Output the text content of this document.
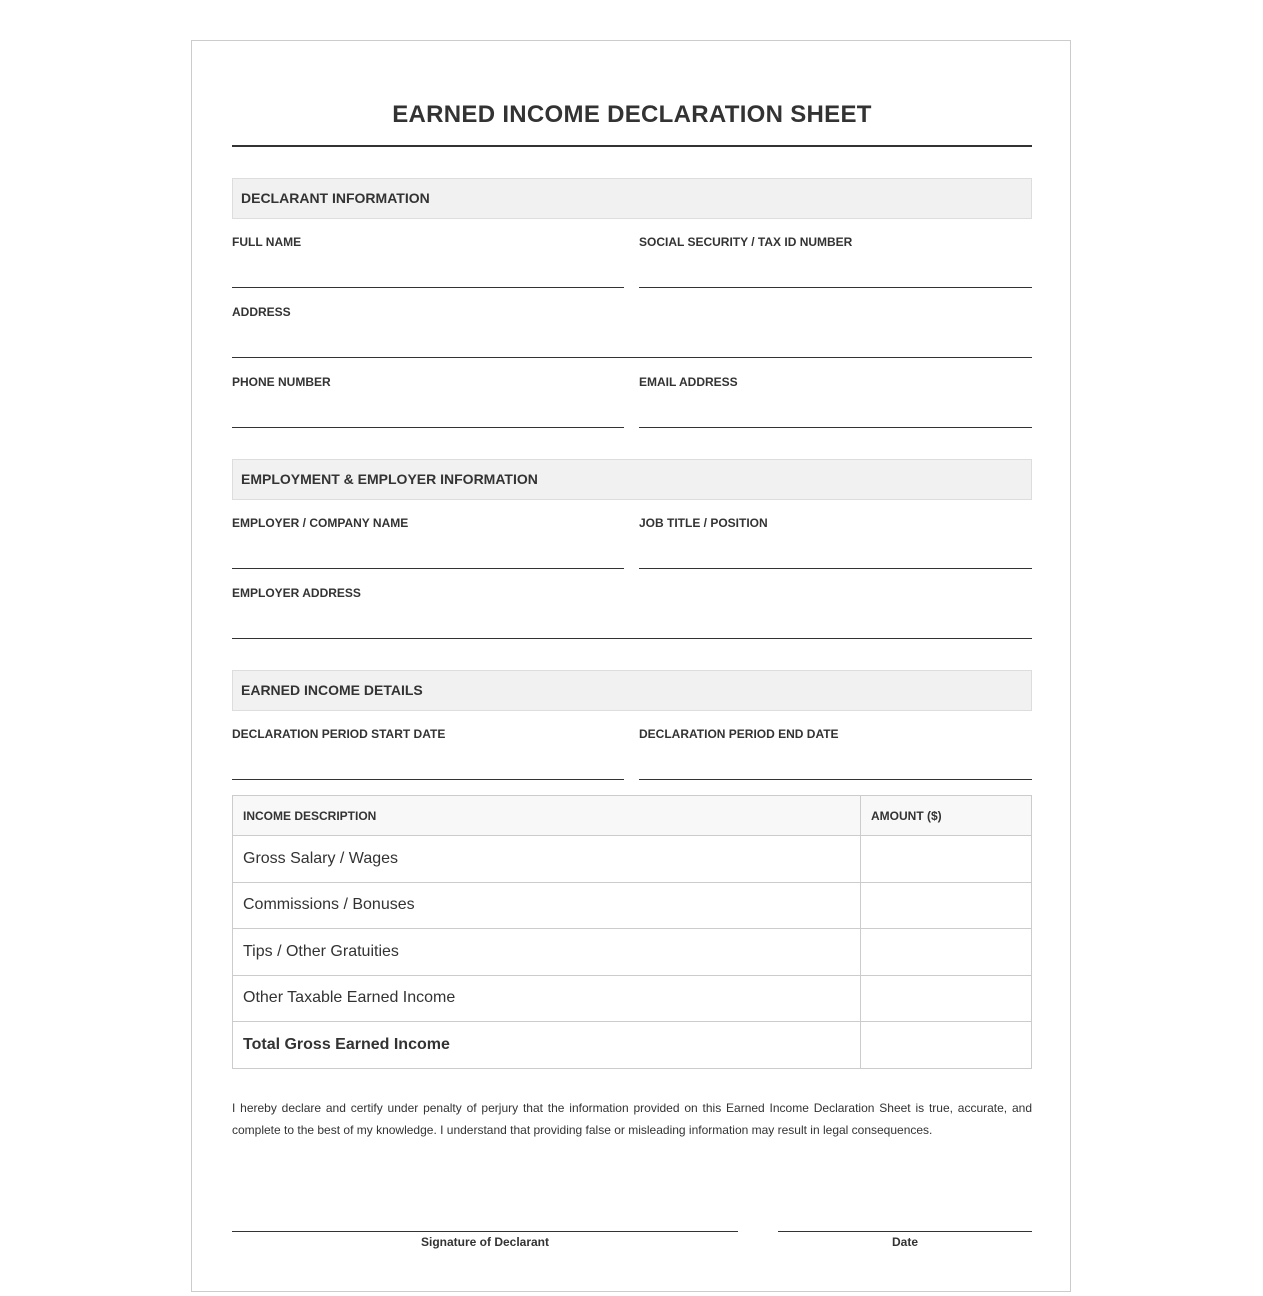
EARNED INCOME DECLARATION SHEET
DECLARANT INFORMATION
FULL NAME	SOCIAL SECURITY / TAX ID NUMBER
ADDRESS
PHONE NUMBER	EMAIL ADDRESS
EMPLOYMENT & EMPLOYER INFORMATION
EMPLOYER / COMPANY NAME	JOB TITLE / POSITION
EMPLOYER ADDRESS
EARNED INCOME DETAILS
DECLARATION PERIOD START DATE	DECLARATION PERIOD END DATE
INCOME DESCRIPTION	AMOUNT ($)
Gross Salary / Wages	
Commissions / Bonuses	
Tips / Other Gratuities	
Other Taxable Earned Income	
Total Gross Earned Income	
I hereby declare and certify under penalty of perjury that the information provided on this Earned Income Declaration Sheet is true, accurate, and complete to the best of my knowledge. I understand that providing false or misleading information may result in legal consequences.
Signature of Declarant	Date
